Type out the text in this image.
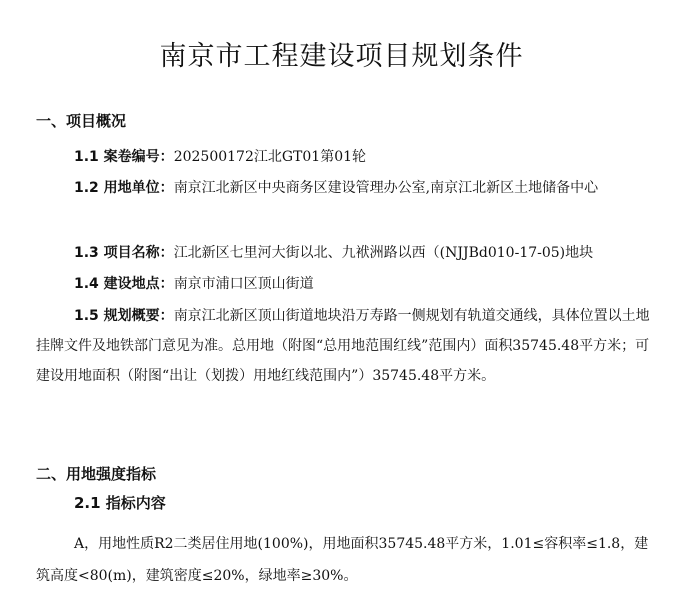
南京市工程建设项目规划条件
一、项目概况
1.1 案卷编号：202500172江北GT01第01轮
1.2 用地单位：南京江北新区中央商务区建设管理办公室,南京江北新区土地储备中心
1.3 项目名称：江北新区七里河大街以北、九袱洲路以西（(NJJBd010-17-05)地块
1.4 建设地点：南京市浦口区顶山街道
1.5 规划概要：南京江北新区顶山街道地块沿万寿路一侧规划有轨道交通线，具体位置以土地挂牌文件及地铁部门意见为准。总用地（附图“总用地范围红线”范围内）面积35745.48平方米；可建设用地面积（附图“出让（划拨）用地红线范围内”）35745.48平方米。
二、用地强度指标
2.1 指标内容
A，用地性质R2二类居住用地(100%)，用地面积35745.48平方米，1.01≤容积率≤1.8，建筑高度<80(m)，建筑密度≤20%，绿地率≥30%。
